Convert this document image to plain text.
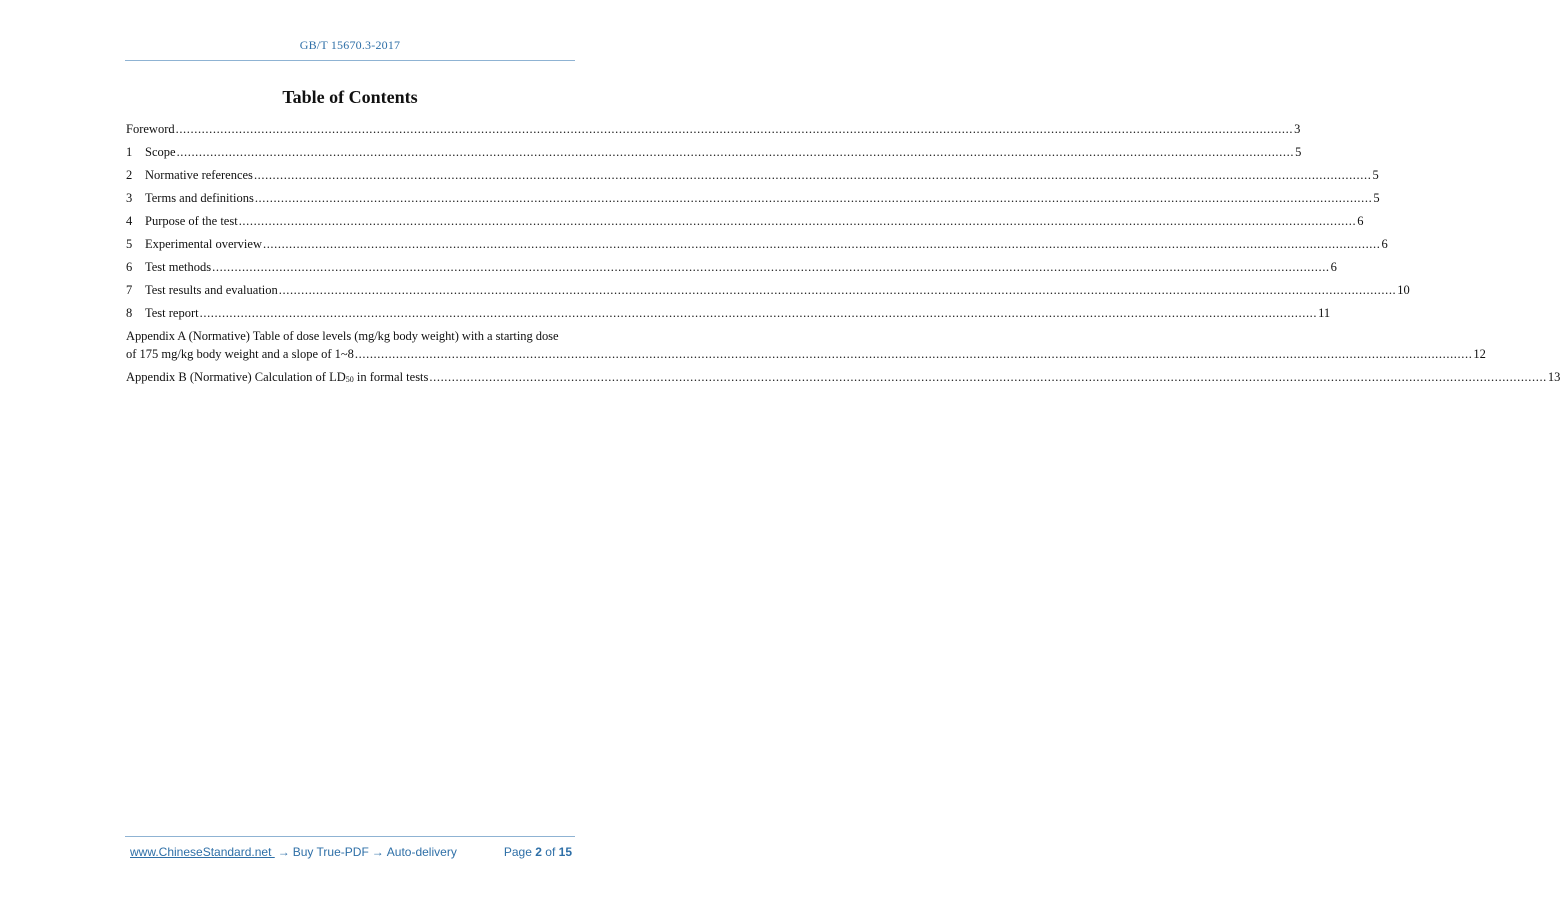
GB/T 15670.3-2017
Table of Contents
Foreword ............................................................................................................................................................................................................................................................................................................ 3
1	Scope ............................................................................................................................................................................................................................................................................................................ 5
2	Normative references ............................................................................................................................................................................................................................................................................................................ 5
3	Terms and definitions ............................................................................................................................................................................................................................................................................................................ 5
4	Purpose of the test ............................................................................................................................................................................................................................................................................................................ 6
5	Experimental overview ............................................................................................................................................................................................................................................................................................................ 6
6	Test methods ............................................................................................................................................................................................................................................................................................................ 6
7	Test results and evaluation ............................................................................................................................................................................................................................................................................................................ 10
8	Test report ............................................................................................................................................................................................................................................................................................................ 11
Appendix A (Normative) Table of dose levels (mg/kg body weight) with a starting dose
of 175 mg/kg body weight and a slope of 1~8 ............................................................................................................................................................................................................................................................................................................ 12
Appendix B (Normative) Calculation of $LD_{50}$ in formal tests ............................................................................................................................................................................................................................................................................................................ 13
www.ChineseStandard.net → Buy True-PDF → Auto-delivery	Page 2 of 15
